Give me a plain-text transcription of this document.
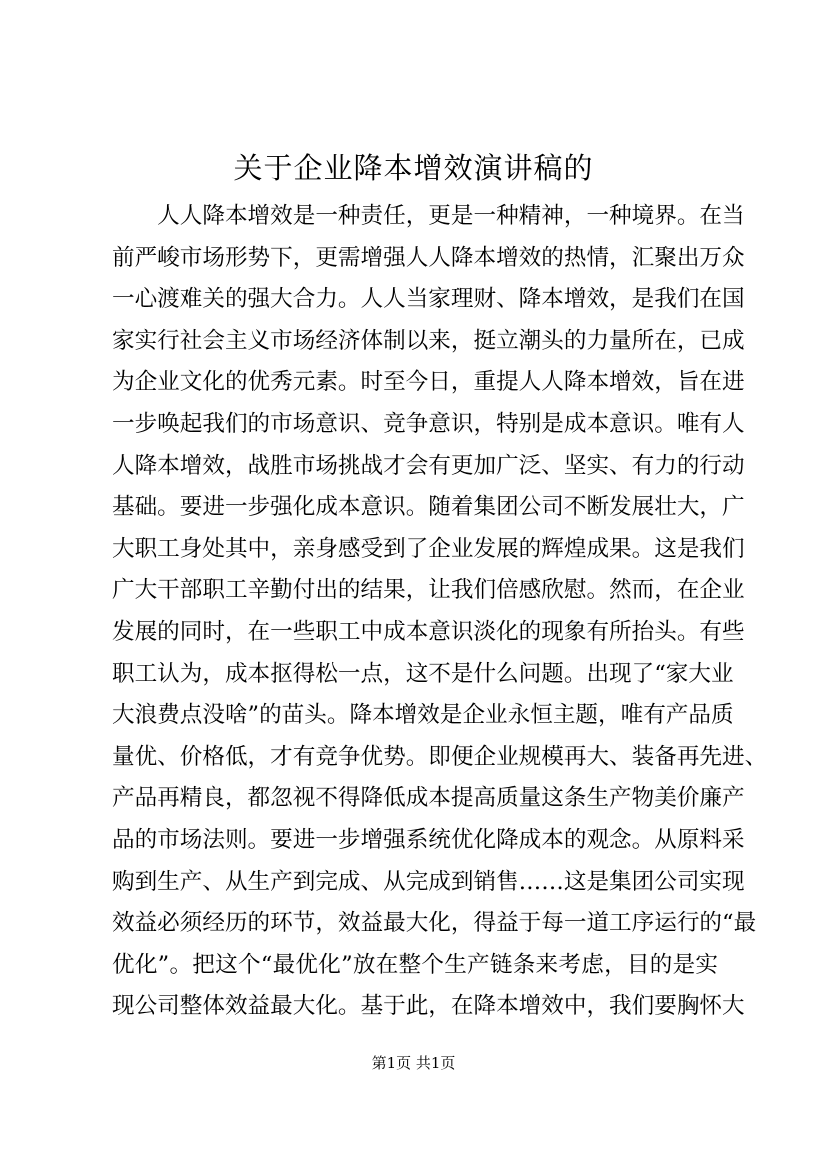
关于企业降本增效演讲稿的
　　人人降本增效是一种责任，更是一种精神，一种境界。在当
前严峻市场形势下，更需增强人人降本增效的热情，汇聚出万众
一心渡难关的强大合力。人人当家理财、降本增效，是我们在国
家实行社会主义市场经济体制以来，挺立潮头的力量所在，已成
为企业文化的优秀元素。时至今日，重提人人降本增效，旨在进
一步唤起我们的市场意识、竞争意识，特别是成本意识。唯有人
人降本增效，战胜市场挑战才会有更加广泛、坚实、有力的行动
基础。要进一步强化成本意识。随着集团公司不断发展壮大，广
大职工身处其中，亲身感受到了企业发展的辉煌成果。这是我们
广大干部职工辛勤付出的结果，让我们倍感欣慰。然而，在企业
发展的同时，在一些职工中成本意识淡化的现象有所抬头。有些
职工认为，成本抠得松一点，这不是什么问题。出现了“家大业
大浪费点没啥”的苗头。降本增效是企业永恒主题，唯有产品质
量优、价格低，才有竞争优势。即便企业规模再大、装备再先进、
产品再精良，都忽视不得降低成本提高质量这条生产物美价廉产
品的市场法则。要进一步增强系统优化降成本的观念。从原料采
购到生产、从生产到完成、从完成到销售……这是集团公司实现
效益必须经历的环节，效益最大化，得益于每一道工序运行的“最
优化”。把这个“最优化”放在整个生产链条来考虑，目的是实
现公司整体效益最大化。基于此，在降本增效中，我们要胸怀大
第1页 共1页
